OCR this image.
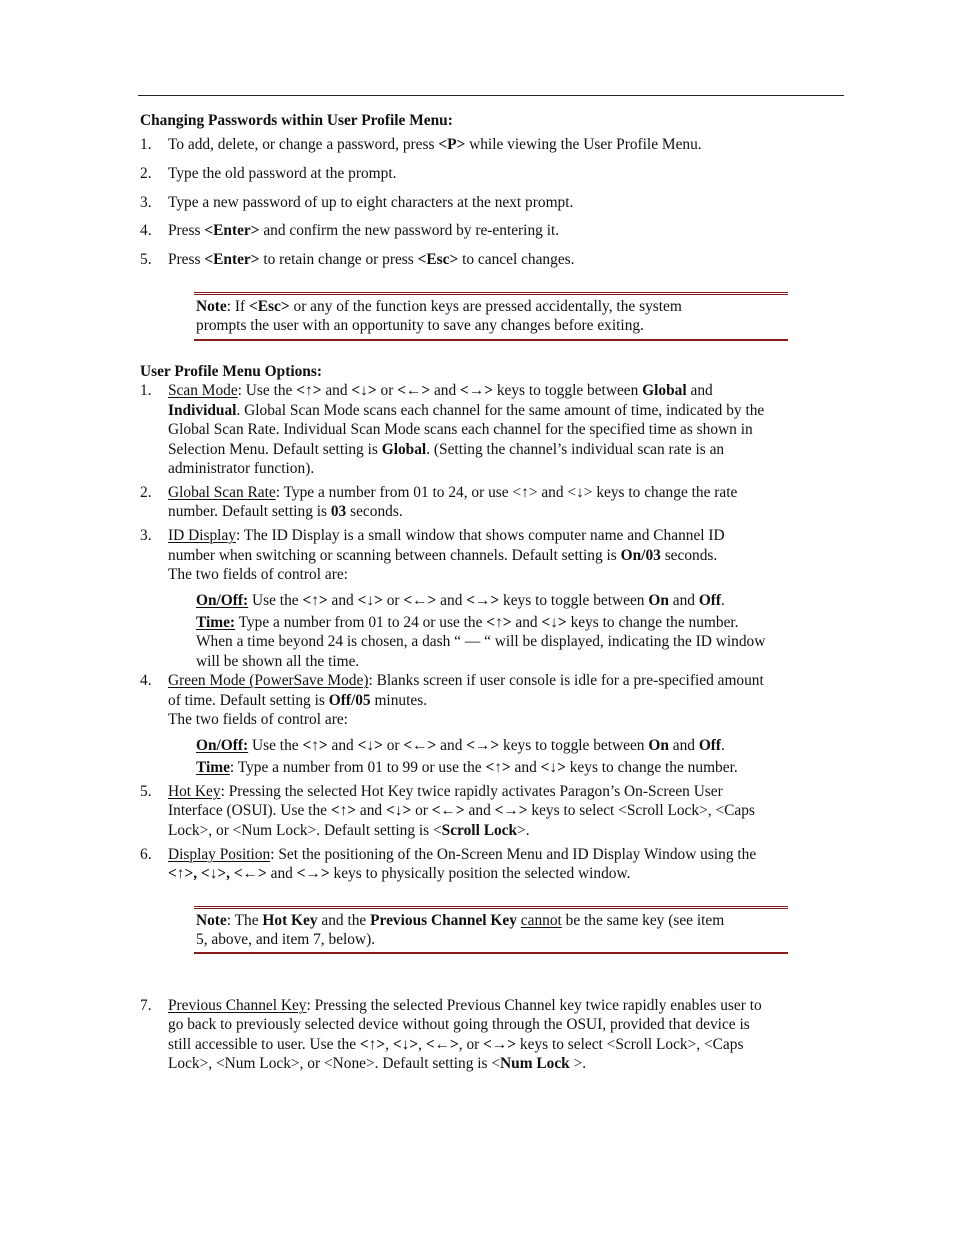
Changing Passwords within User Profile Menu:
1. To add, delete, or change a password, press <P> while viewing the User Profile Menu.
2. Type the old password at the prompt.
3. Type a new password of up to eight characters at the next prompt.
4. Press <Enter> and confirm the new password by re-entering it.
5. Press <Enter> to retain change or press <Esc> to cancel changes.
Note: If <Esc> or any of the function keys are pressed accidentally, the system
prompts the user with an opportunity to save any changes before exiting.
User Profile Menu Options:
1. Scan Mode: Use the <↑> and <↓> or <←> and <→> keys to toggle between Global and
Individual. Global Scan Mode scans each channel for the same amount of time, indicated by the
Global Scan Rate. Individual Scan Mode scans each channel for the specified time as shown in
Selection Menu. Default setting is Global. (Setting the channel’s individual scan rate is an
administrator function).
2. Global Scan Rate: Type a number from 01 to 24, or use <↑> and <↓> keys to change the rate
number. Default setting is 03 seconds.
3. ID Display: The ID Display is a small window that shows computer name and Channel ID
number when switching or scanning between channels. Default setting is On/03 seconds.
The two fields of control are:
On/Off: Use the <↑> and <↓> or <←> and <→> keys to toggle between On and Off.
Time: Type a number from 01 to 24 or use the <↑> and <↓> keys to change the number.
When a time beyond 24 is chosen, a dash “ — “ will be displayed, indicating the ID window
will be shown all the time.
4. Green Mode (PowerSave Mode): Blanks screen if user console is idle for a pre-specified amount
of time. Default setting is Off/05 minutes.
The two fields of control are:
On/Off: Use the <↑> and <↓> or <←> and <→> keys to toggle between On and Off.
Time: Type a number from 01 to 99 or use the <↑> and <↓> keys to change the number.
5. Hot Key: Pressing the selected Hot Key twice rapidly activates Paragon’s On-Screen User
Interface (OSUI). Use the <↑> and <↓> or <←> and <→> keys to select <Scroll Lock>, <Caps
Lock>, or <Num Lock>. Default setting is <Scroll Lock>.
6. Display Position: Set the positioning of the On-Screen Menu and ID Display Window using the
<↑>, <↓>, <←> and <→> keys to physically position the selected window.
Note: The Hot Key and the Previous Channel Key cannot be the same key (see item
5, above, and item 7, below).
7. Previous Channel Key: Pressing the selected Previous Channel key twice rapidly enables user to
go back to previously selected device without going through the OSUI, provided that device is
still accessible to user. Use the <↑>, <↓>, <←>, or <→> keys to select <Scroll Lock>, <Caps
Lock>, <Num Lock>, or <None>. Default setting is <Num Lock >.
